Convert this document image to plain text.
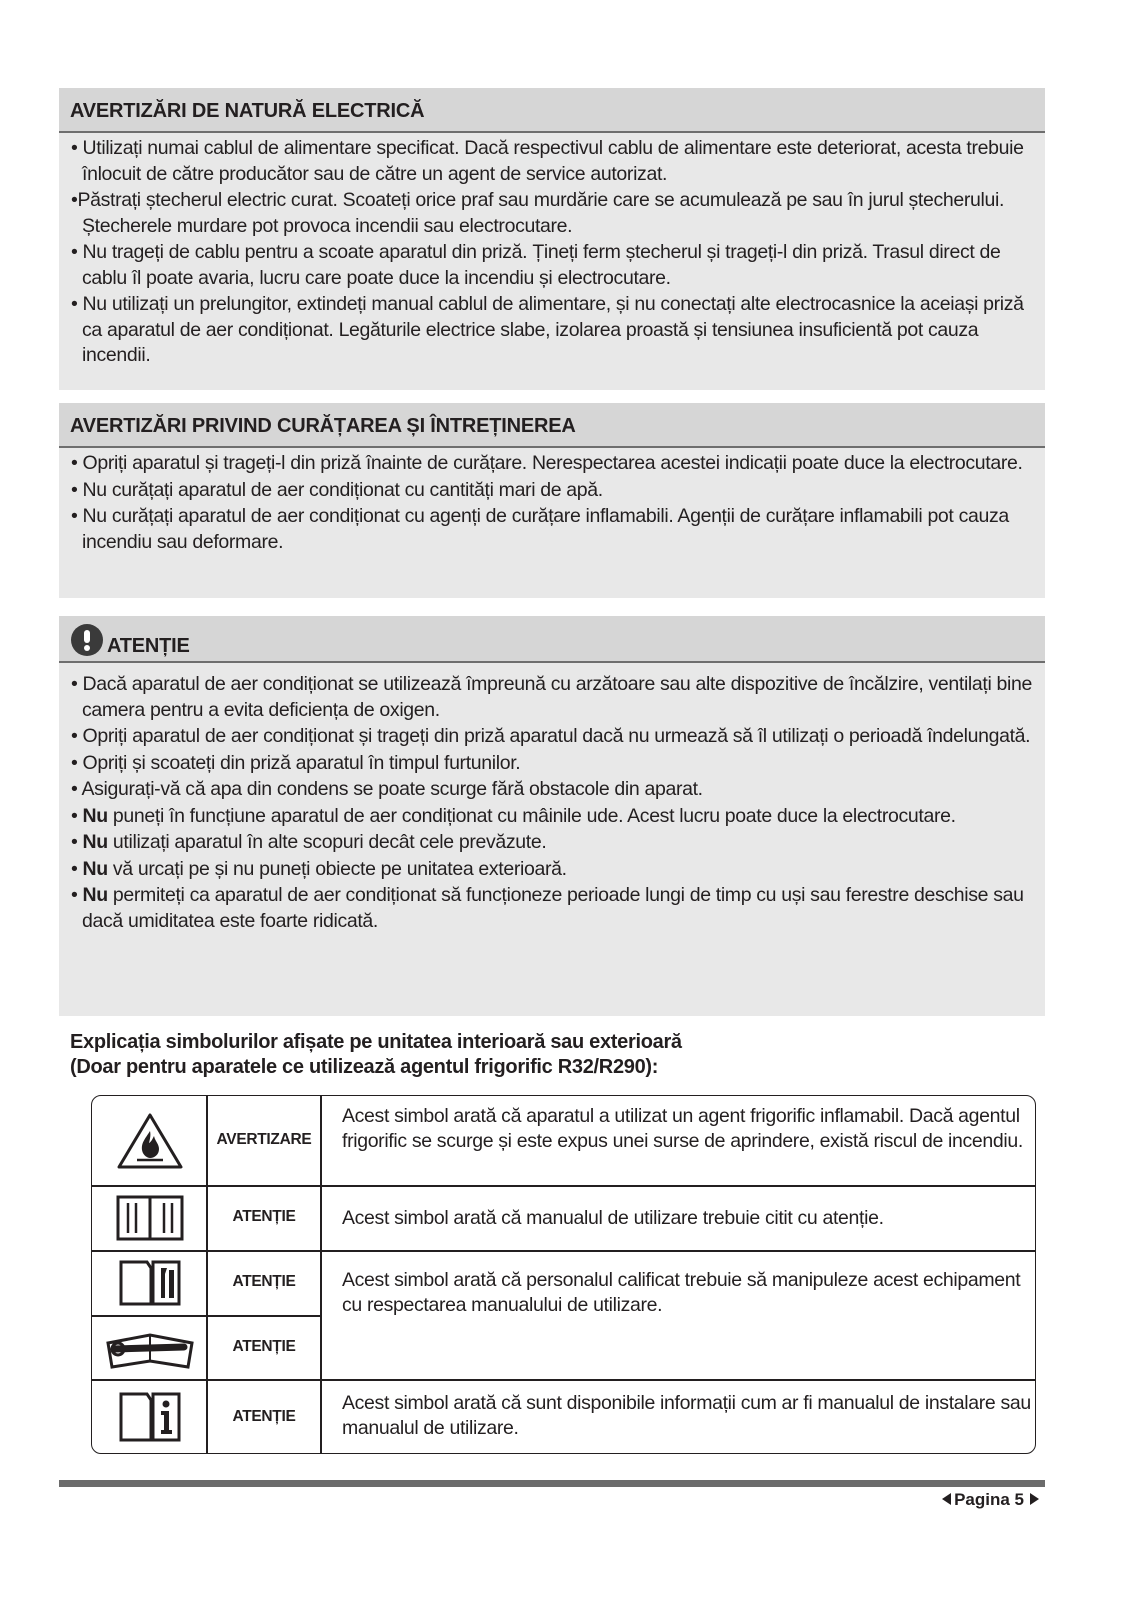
AVERTIZĂRI DE NATURĂ ELECTRICĂ
• Utilizați numai cablul de alimentare specificat. Dacă respectivul cablu de alimentare este deteriorat, acesta trebuie înlocuit de către producător sau de către un agent de service autorizat.
•Păstrați ștecherul electric curat. Scoateți orice praf sau murdărie care se acumulează pe sau în jurul ștecherului. Ștecherele murdare pot provoca incendii sau electrocutare.
• Nu trageți de cablu pentru a scoate aparatul din priză. Țineți ferm ștecherul și trageți-l din priză. Trasul direct de cablu îl poate avaria, lucru care poate duce la incendiu și electrocutare.
• Nu utilizați un prelungitor, extindeți manual cablul de alimentare, și nu conectați alte electrocasnice la aceiași priză ca aparatul de aer condiționat. Legăturile electrice slabe, izolarea proastă și tensiunea insuficientă pot cauza incendii.
AVERTIZĂRI PRIVIND CURĂȚAREA ȘI ÎNTREȚINEREA
• Opriți aparatul și trageți-l din priză înainte de curățare. Nerespectarea acestei indicații poate duce la electrocutare.
• Nu curățați aparatul de aer condiționat cu cantități mari de apă.
• Nu curățați aparatul de aer condiționat cu agenți de curățare inflamabili. Agenții de curățare inflamabili pot cauza incendiu sau deformare.
ATENȚIE
• Dacă aparatul de aer condiționat se utilizează împreună cu arzătoare sau alte dispozitive de încălzire, ventilați bine camera pentru a evita deficiența de oxigen.
• Opriți aparatul de aer condiționat și trageți din priză aparatul dacă nu urmează să îl utilizați o perioadă îndelungată.
• Opriți și scoateți din priză aparatul în timpul furtunilor.
• Asigurați-vă că apa din condens se poate scurge fără obstacole din aparat.
• Nu puneți în funcțiune aparatul de aer condiționat cu mâinile ude. Acest lucru poate duce la electrocutare.
• Nu utilizați aparatul în alte scopuri decât cele prevăzute.
• Nu vă urcați pe și nu puneți obiecte pe unitatea exterioară.
• Nu permiteți ca aparatul de aer condiționat să funcționeze perioade lungi de timp cu uși sau ferestre deschise sau dacă umiditatea este foarte ridicată.
Explicația simbolurilor afișate pe unitatea interioară sau exterioară
(Doar pentru aparatele ce utilizează agentul frigorific R32/R290):
AVERTIZARE
Acest simbol arată că aparatul a utilizat un agent frigorific inflamabil. Dacă agentul frigorific se scurge și este expus unei surse de aprindere, există riscul de incendiu.
ATENȚIE	Acest simbol arată că manualul de utilizare trebuie citit cu atenție.
ATENȚIE
ATENȚIE
Acest simbol arată că personalul calificat trebuie să manipuleze acest echipament cu respectarea manualului de utilizare.
ATENȚIE
Acest simbol arată că sunt disponibile informații cum ar fi manualul de instalare sau manualul de utilizare.
Pagina 5
